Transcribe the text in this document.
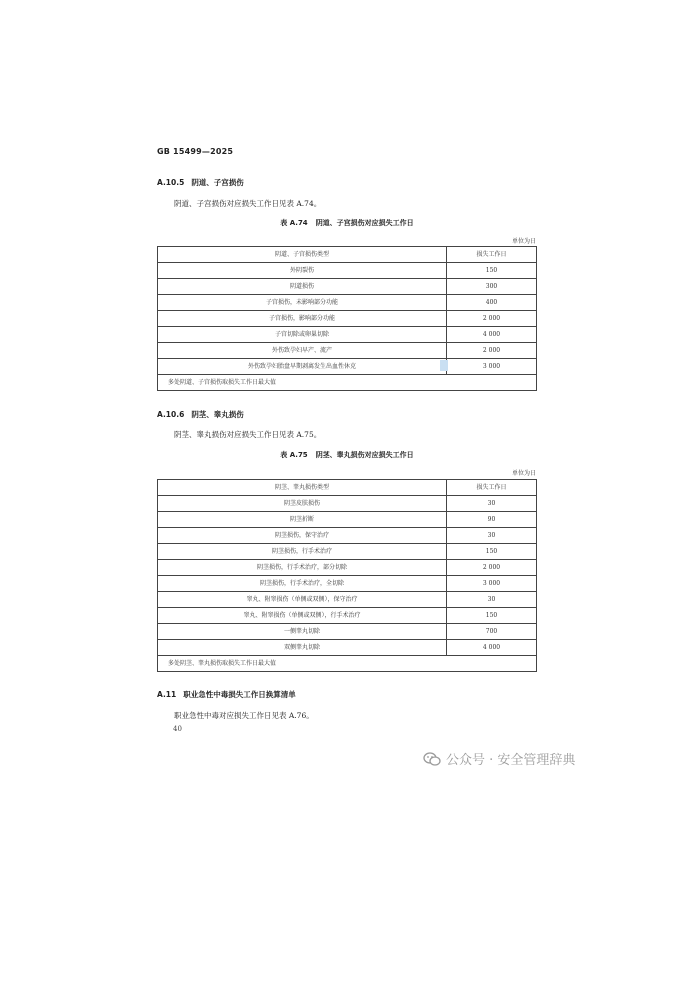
GB 15499—2025
A.10.5 阴道、子宫损伤
阴道、子宫损伤对应损失工作日见表 A.74。
表 A.74 阴道、子宫损伤对应损失工作日
单位为日
阴道、子宫损伤类型	损失工作日
外阴裂伤	150
阴道损伤	300
子宫损伤，未影响部分功能	400
子宫损伤，影响部分功能	2 000
子宫切除或卵巢切除	4 000
外伤致孕妇早产、流产	2 000
外伤致孕妇胎盘早期剥离发生出血性休克	3 000
多处阴道、子宫损伤取损失工作日最大值	
A.10.6 阴茎、睾丸损伤
阴茎、睾丸损伤对应损失工作日见表 A.75。
表 A.75 阴茎、睾丸损伤对应损失工作日
单位为日
阴茎、睾丸损伤类型	损失工作日
阴茎皮肤损伤	30
阴茎折断	90
阴茎损伤，保守治疗	30
阴茎损伤，行手术治疗	150
阴茎损伤，行手术治疗，部分切除	2 000
阴茎损伤，行手术治疗，全切除	3 000
睾丸、附睾损伤（单侧或双侧），保守治疗	30
睾丸、附睾损伤（单侧或双侧），行手术治疗	150
一侧睾丸切除	700
双侧睾丸切除	4 000
多处阴茎、睾丸损伤取损失工作日最大值	
A.11 职业急性中毒损失工作日换算清单
职业急性中毒对应损失工作日见表 A.76。
40
公众号 · 安全管理辞典
